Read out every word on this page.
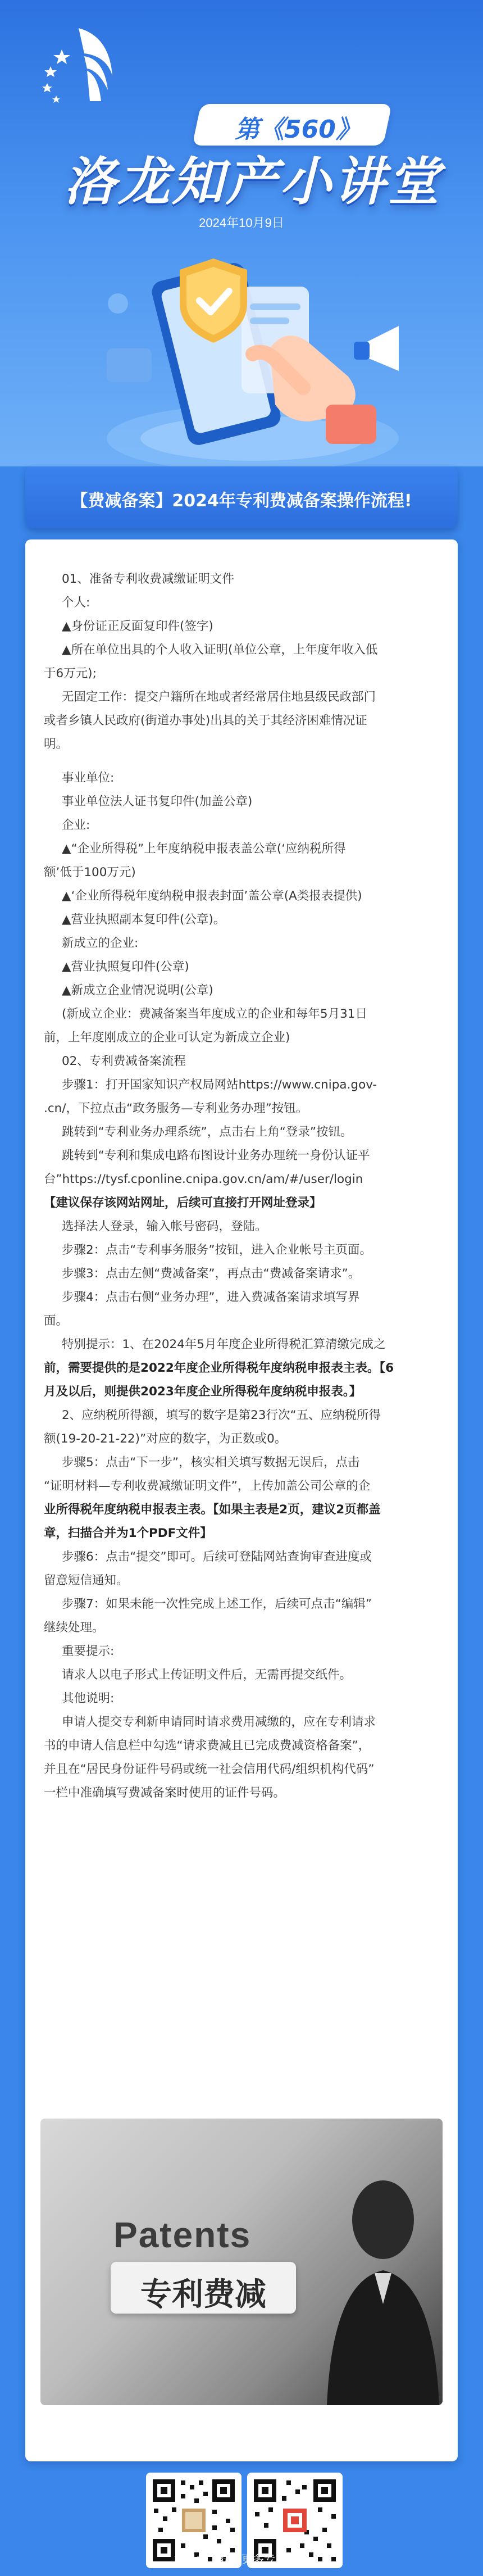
第《560》
洛龙知产小讲堂
2024年10月9日
【费减备案】2024年专利费减备案操作流程!
01、准备专利收费减缴证明文件
个人:
▲身份证正反面复印件(签字)
▲所在单位出具的个人收入证明(单位公章，上年度年收入低
于6万元);
无固定工作：提交户籍所在地或者经常居住地县级民政部门
或者乡镇人民政府(街道办事处)出具的关于其经济困难情况证
明。
事业单位:
事业单位法人证书复印件(加盖公章)
企业:
▲“企业所得税”上年度纳税申报表盖公章(‘应纳税所得
额’低于100万元)
▲‘企业所得税年度纳税申报表封面’盖公章(A类报表提供)
▲营业执照副本复印件(公章)。
新成立的企业:
▲营业执照复印件(公章)
▲新成立企业情况说明(公章)
(新成立企业：费减备案当年度成立的企业和每年5月31日
前，上年度刚成立的企业可认定为新成立企业)
02、专利费减备案流程
步骤1：打开国家知识产权局网站https://www.cnipa.gov-
.cn/，下拉点击“政务服务—专利业务办理”按钮。
跳转到“专利业务办理系统”，点击右上角“登录”按钮。
跳转到“专利和集成电路布图设计业务办理统一身份认证平
台”https://tysf.cponline.cnipa.gov.cn/am/#/user/login
【建议保存该网站网址，后续可直接打开网址登录】
选择法人登录，输入帐号密码，登陆。
步骤2：点击“专利事务服务”按钮，进入企业帐号主页面。
步骤3：点击左侧“费减备案”，再点击“费减备案请求”。
步骤4：点击右侧“业务办理”，进入费减备案请求填写界
面。
特别提示：1、在2024年5月年度企业所得税汇算清缴完成之
前，需要提供的是2022年度企业所得税年度纳税申报表主表。【6
月及以后，则提供2023年度企业所得税年度纳税申报表。】
2、应纳税所得额，填写的数字是第23行次“五、应纳税所得
额(19-20-21-22)”对应的数字，为正数或0。
步骤5：点击“下一步”，核实相关填写数据无误后，点击
“证明材料—专利收费减缴证明文件”，上传加盖公司公章的企
业所得税年度纳税申报表主表。【如果主表是2页，建议2页都盖
章，扫描合并为1个PDF文件】
步骤6：点击“提交”即可。后续可登陆网站查询审查进度或
留意短信通知。
步骤7：如果未能一次性完成上述工作，后续可点击“编辑”
继续处理。
重要提示:
请求人以电子形式上传证明文件后，无需再提交纸件。
其他说明:
申请人提交专利新申请同时请求费用减缴的，应在专利请求
书的申请人信息栏中勾选“请求费减且已完成费减资格备案”，
并且在“居民身份证件号码或统一社会信用代码/组织机构代码”
一栏中准确填写费减备案时使用的证件号码。
Patents
专利费减
扫一扫，获取更多专业资讯
